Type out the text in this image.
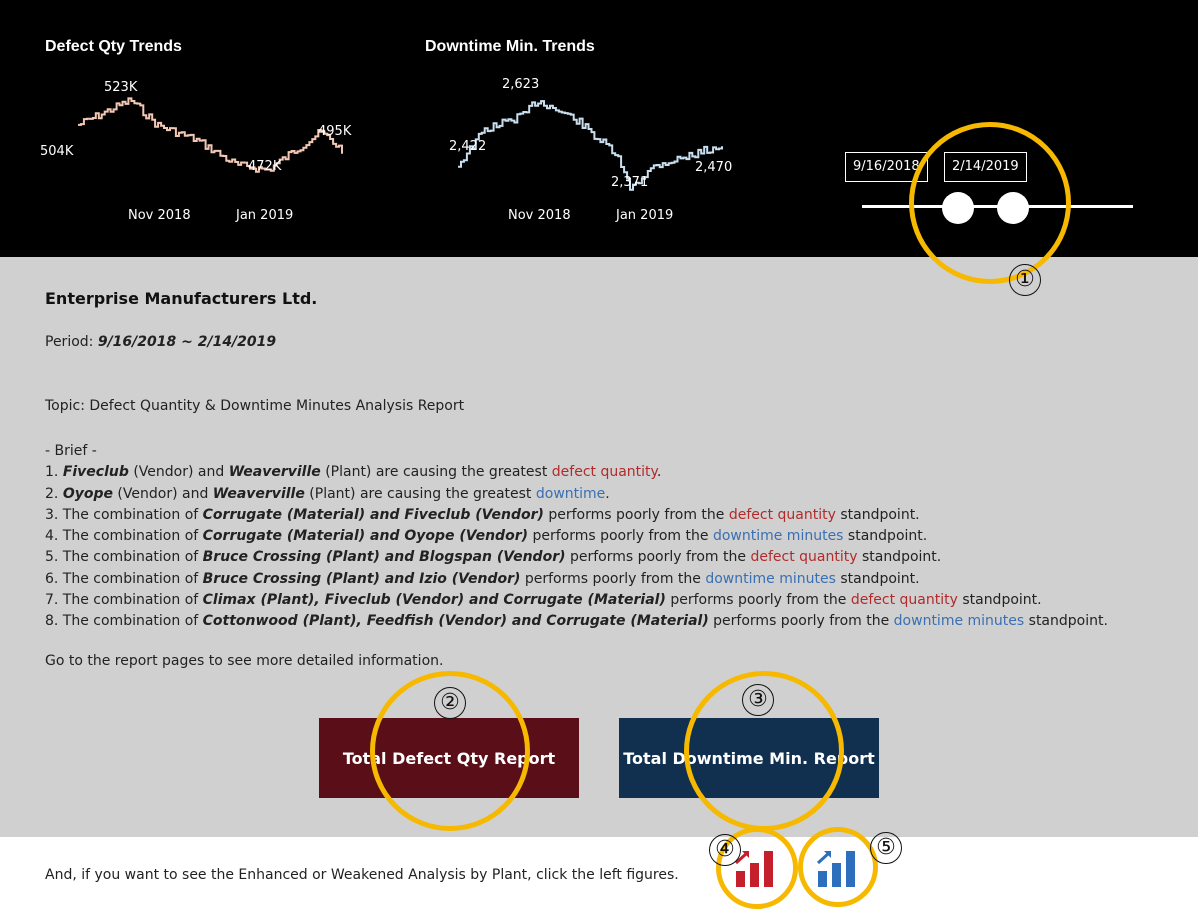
Defect Qty Trends
523K
504K
472K
495K
Nov 2018	Jan 2019
Downtime Min. Trends
2,623
2,422
2,371
2,470
Nov 2018	Jan 2019
9/16/2018	2/14/2019
Enterprise Manufacturers Ltd.
Period: 9/16/2018 ~ 2/14/2019
Topic: Defect Quantity & Downtime Minutes Analysis Report
- Brief -
1. Fiveclub (Vendor) and Weaverville (Plant) are causing the greatest defect quantity.
2. Oyope (Vendor) and Weaverville (Plant) are causing the greatest downtime.
3. The combination of Corrugate (Material) and Fiveclub (Vendor) performs poorly from the defect quantity standpoint.
4. The combination of Corrugate (Material) and Oyope (Vendor) performs poorly from the downtime minutes standpoint.
5. The combination of Bruce Crossing (Plant) and Blogspan (Vendor) performs poorly from the defect quantity standpoint.
6. The combination of Bruce Crossing (Plant) and Izio (Vendor) performs poorly from the downtime minutes standpoint.
7. The combination of Climax (Plant), Fiveclub (Vendor) and Corrugate (Material) performs poorly from the defect quantity standpoint.
8. The combination of Cottonwood (Plant), Feedfish (Vendor) and Corrugate (Material) performs poorly from the downtime minutes standpoint.
Go to the report pages to see more detailed information.
Total Defect Qty Report	Total Downtime Min. Report
And, if you want to see the Enhanced or Weakened Analysis by Plant, click the left figures.
①
②	③
④	⑤
